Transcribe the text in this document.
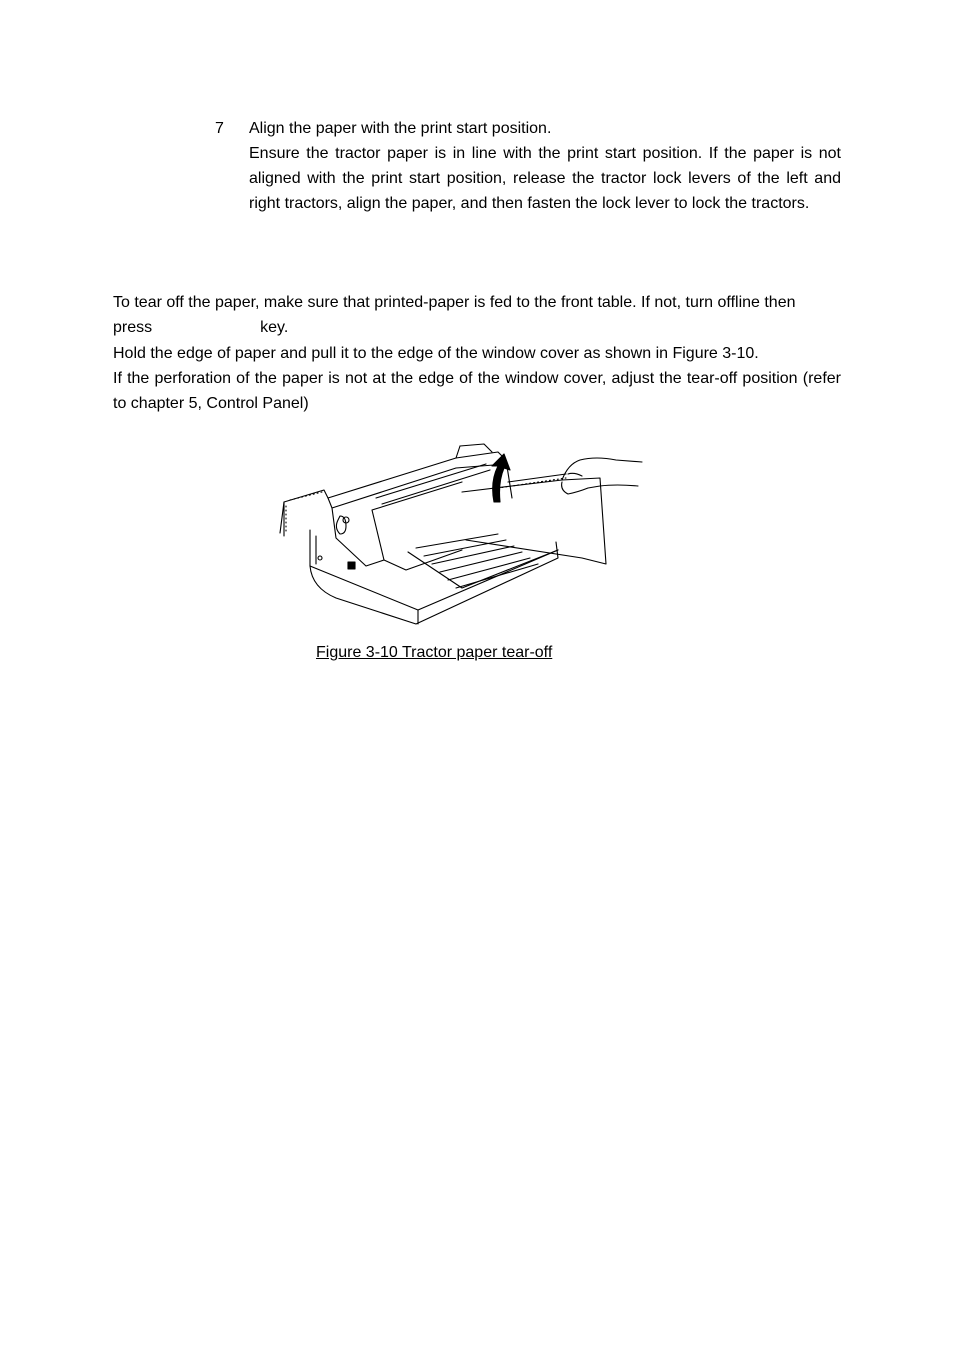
7 Align the paper with the print start position.

Ensure the tractor paper is in line with the print start position. If the paper is not aligned with the print start position, release the tractor lock levers of the left and right tractors, align the paper, and then fasten the lock lever to lock the tractors.

To tear off the paper, make sure that printed-paper is fed to the front table. If not, turn offline then
press	key.

Hold the edge of paper and pull it to the edge of the window cover as shown in Figure 3-10.

If the perforation of the paper is not at the edge of the window cover, adjust the tear-off position (refer to chapter 5, Control Panel)

Figure 3-10 Tractor paper tear-off
